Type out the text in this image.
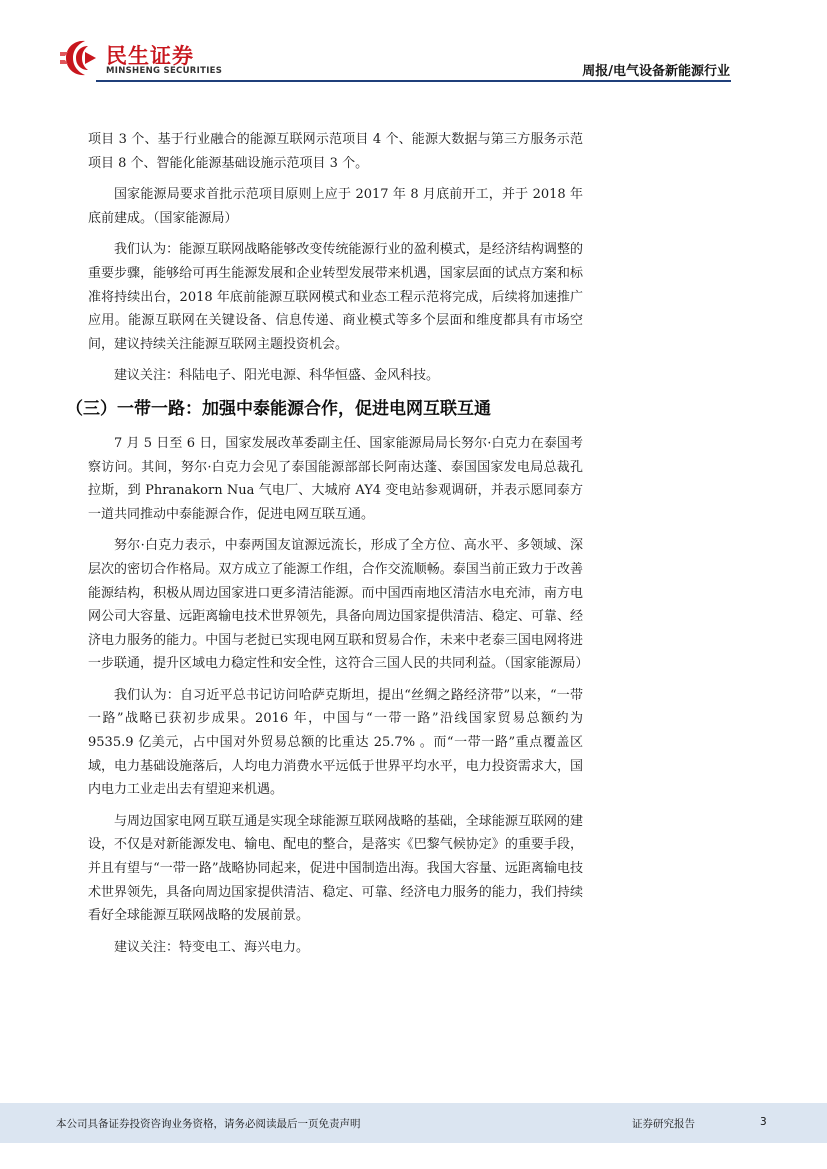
民生证券
MINSHENG SECURITIES	周报/电气设备新能源行业

项目 3 个、基于行业融合的能源互联网示范项目 4 个、能源大数据与第三方服务示范项目 8 个、智能化能源基础设施示范项目 3 个。

国家能源局要求首批示范项目原则上应于 2017 年 8 月底前开工，并于 2018 年底前建成。（国家能源局）

我们认为：能源互联网战略能够改变传统能源行业的盈利模式，是经济结构调整的重要步骤，能够给可再生能源发展和企业转型发展带来机遇，国家层面的试点方案和标准将持续出台，2018 年底前能源互联网模式和业态工程示范将完成，后续将加速推广应用。能源互联网在关键设备、信息传递、商业模式等多个层面和维度都具有市场空间，建议持续关注能源互联网主题投资机会。

建议关注：科陆电子、阳光电源、科华恒盛、金风科技。

（三）一带一路：加强中泰能源合作，促进电网互联互通

7 月 5 日至 6 日，国家发展改革委副主任、国家能源局局长努尔·白克力在泰国考察访问。其间，努尔·白克力会见了泰国能源部部长阿南达蓬、泰国国家发电局总裁孔拉斯，到 Phranakorn Nua 气电厂、大城府 AY4 变电站参观调研，并表示愿同泰方一道共同推动中泰能源合作，促进电网互联互通。

努尔·白克力表示，中泰两国友谊源远流长，形成了全方位、高水平、多领域、深层次的密切合作格局。双方成立了能源工作组，合作交流顺畅。泰国当前正致力于改善能源结构，积极从周边国家进口更多清洁能源。而中国西南地区清洁水电充沛，南方电网公司大容量、远距离输电技术世界领先，具备向周边国家提供清洁、稳定、可靠、经济电力服务的能力。中国与老挝已实现电网互联和贸易合作，未来中老泰三国电网将进一步联通，提升区域电力稳定性和安全性，这符合三国人民的共同利益。（国家能源局）

我们认为：自习近平总书记访问哈萨克斯坦，提出“丝绸之路经济带”以来，“一带一路”战略已获初步成果。2016 年，中国与“一带一路”沿线国家贸易总额约为 9535.9 亿美元，占中国对外贸易总额的比重达 25.7% 。而“一带一路”重点覆盖区域，电力基础设施落后，人均电力消费水平远低于世界平均水平，电力投资需求大，国内电力工业走出去有望迎来机遇。

与周边国家电网互联互通是实现全球能源互联网战略的基础，全球能源互联网的建设，不仅是对新能源发电、输电、配电的整合，是落实《巴黎气候协定》的重要手段，并且有望与“一带一路”战略协同起来，促进中国制造出海。我国大容量、远距离输电技术世界领先，具备向周边国家提供清洁、稳定、可靠、经济电力服务的能力，我们持续看好全球能源互联网战略的发展前景。

建议关注：特变电工、海兴电力。

本公司具备证券投资咨询业务资格，请务必阅读最后一页免责声明	证券研究报告	3
